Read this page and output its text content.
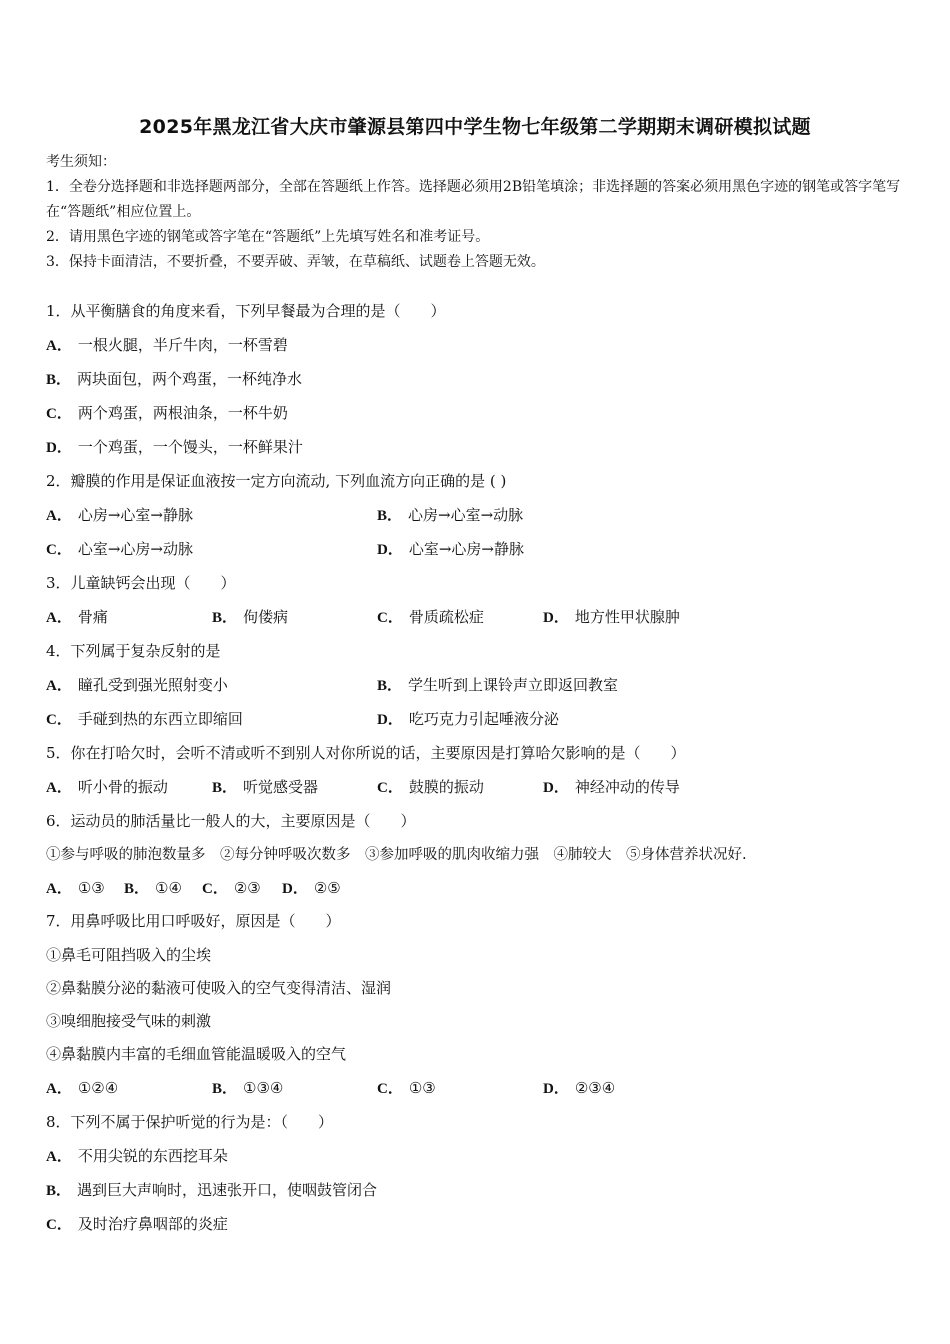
2025年黑龙江省大庆市肇源县第四中学生物七年级第二学期期末调研模拟试题
考生须知：
1．全卷分选择题和非选择题两部分，全部在答题纸上作答。选择题必须用2B铅笔填涂；非选择题的答案必须用黑色字迹的钢笔或答字笔写在“答题纸”相应位置上。
2．请用黑色字迹的钢笔或答字笔在“答题纸”上先填写姓名和准考证号。
3．保持卡面清洁，不要折叠，不要弄破、弄皱，在草稿纸、试题卷上答题无效。
1．从平衡膳食的角度来看，下列早餐最为合理的是（　　）
A． 一根火腿，半斤牛肉，一杯雪碧
B． 两块面包，两个鸡蛋，一杯纯净水
C． 两个鸡蛋，两根油条，一杯牛奶
D． 一个鸡蛋，一个馒头，一杯鲜果汁
2．瓣膜的作用是保证血液按一定方向流动, 下列血流方向正确的是 ( )
A． 心房→心室→静脉	B． 心房→心室→动脉
C． 心室→心房→动脉	D． 心室→心房→静脉
3．儿童缺钙会出现（　　）
A． 骨痛	B． 佝偻病	C． 骨质疏松症	D． 地方性甲状腺肿
4．下列属于复杂反射的是
A． 瞳孔受到强光照射变小	B． 学生听到上课铃声立即返回教室
C． 手碰到热的东西立即缩回	D． 吃巧克力引起唾液分泌
5．你在打哈欠时，会听不清或听不到别人对你所说的话，主要原因是打算哈欠影响的是（　　）
A． 听小骨的振动	B． 听觉感受器	C． 鼓膜的振动	D． 神经冲动的传导
6．运动员的肺活量比一般人的大，主要原因是（　　）
①参与呼吸的肺泡数量多　②每分钟呼吸次数多　③参加呼吸的肌肉收缩力强　④肺较大　⑤身体营养状况好.
A． ①③ B． ①④ C． ②③ D． ②⑤
7．用鼻呼吸比用口呼吸好，原因是（　　）
①鼻毛可阻挡吸入的尘埃
②鼻黏膜分泌的黏液可使吸入的空气变得清洁、湿润
③嗅细胞接受气味的刺激
④鼻黏膜内丰富的毛细血管能温暖吸入的空气
A． ①②④	B． ①③④	C． ①③	D． ②③④
8．下列不属于保护听觉的行为是：（　　）
A． 不用尖锐的东西挖耳朵
B． 遇到巨大声响时，迅速张开口，使咽鼓管闭合
C． 及时治疗鼻咽部的炎症
